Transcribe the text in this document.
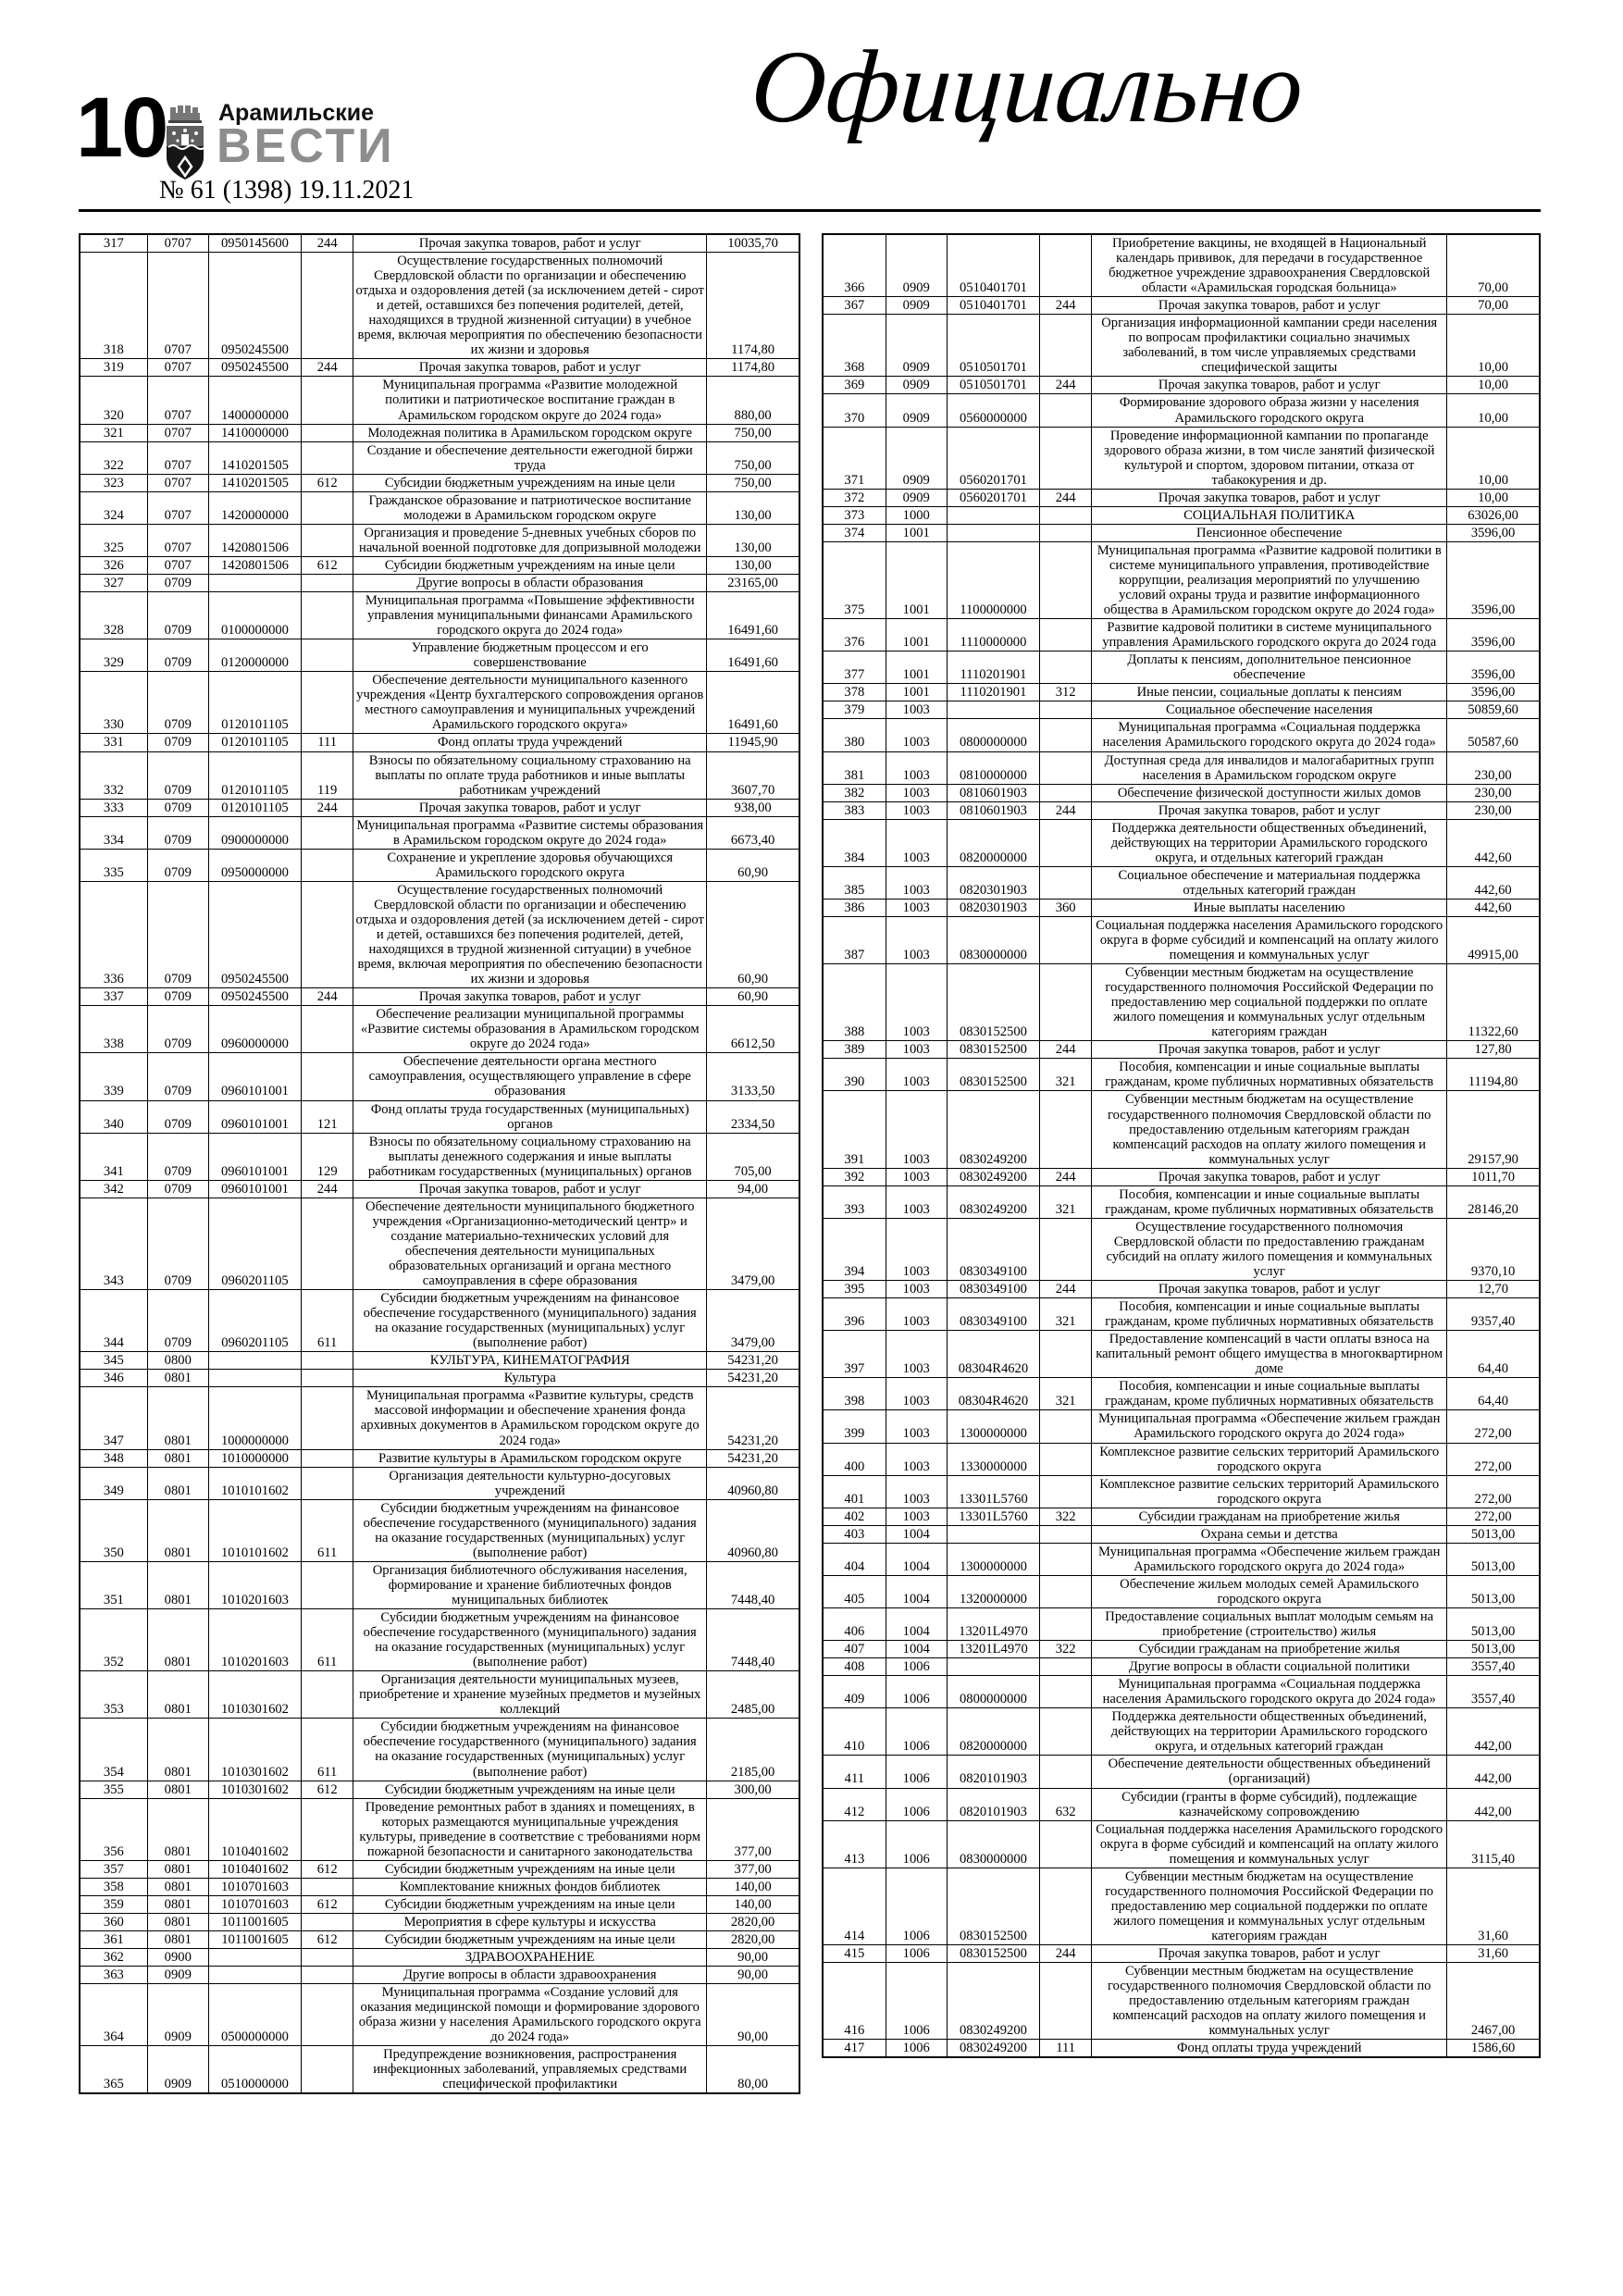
10 Арамильские
ВЕСТИ
№ 61 (1398) 19.11.2021
Официально
317	0707	0950145600	244	Прочая закупка товаров, работ и услуг	10035,70
318	0707	0950245500		Осуществление государственных полномочий Свердловской области по организации и обеспечению отдыха и оздоровления детей (за исключением детей - сирот и детей, оставшихся без попечения родителей, детей, находящихся в трудной жизненной ситуации) в учебное время, включая мероприятия по обеспечению безопасности их жизни и здоровья	1174,80
319	0707	0950245500	244	Прочая закупка товаров, работ и услуг	1174,80
320	0707	1400000000		Муниципальная программа «Развитие молодежной политики и патриотическое воспитание граждан в Арамильском городском округе до 2024 года»	880,00
321	0707	1410000000		Молодежная политика в Арамильском городском округе	750,00
322	0707	1410201505		Создание и обеспечение деятельности ежегодной биржи труда	750,00
323	0707	1410201505	612	Субсидии бюджетным учреждениям на иные цели	750,00
324	0707	1420000000		Гражданское образование и патриотическое воспитание молодежи в Арамильском городском округе	130,00
325	0707	1420801506		Организация и проведение 5-дневных учебных сборов по начальной военной подготовке для допризывной молодежи	130,00
326	0707	1420801506	612	Субсидии бюджетным учреждениям на иные цели	130,00
327	0709			Другие вопросы в области образования	23165,00
328	0709	0100000000		Муниципальная программа «Повышение эффективности управления муниципальными финансами Арамильского городского округа до 2024 года»	16491,60
329	0709	0120000000		Управление бюджетным процессом и его совершенствование	16491,60
330	0709	0120101105		Обеспечение деятельности муниципального казенного учреждения «Центр бухгалтерского сопровождения органов местного самоуправления и муниципальных учреждений Арамильского городского округа»	16491,60
331	0709	0120101105	111	Фонд оплаты труда учреждений	11945,90
332	0709	0120101105	119	Взносы по обязательному социальному страхованию на выплаты по оплате труда работников и иные выплаты работникам учреждений	3607,70
333	0709	0120101105	244	Прочая закупка товаров, работ и услуг	938,00
334	0709	0900000000		Муниципальная программа «Развитие системы образования в Арамильском городском округе до 2024 года»	6673,40
335	0709	0950000000		Сохранение и укрепление здоровья обучающихся Арамильского городского округа	60,90
336	0709	0950245500		Осуществление государственных полномочий Свердловской области по организации и обеспечению отдыха и оздоровления детей (за исключением детей - сирот и детей, оставшихся без попечения родителей, детей, находящихся в трудной жизненной ситуации) в учебное время, включая мероприятия по обеспечению безопасности их жизни и здоровья	60,90
337	0709	0950245500	244	Прочая закупка товаров, работ и услуг	60,90
338	0709	0960000000		Обеспечение реализации муниципальной программы «Развитие системы образования в Арамильском городском округе до 2024 года»	6612,50
339	0709	0960101001		Обеспечение деятельности органа местного самоуправления, осуществляющего управление в сфере образования	3133,50
340	0709	0960101001	121	Фонд оплаты труда государственных (муниципальных) органов	2334,50
341	0709	0960101001	129	Взносы по обязательному социальному страхованию на выплаты денежного содержания и иные выплаты работникам государственных (муниципальных) органов	705,00
342	0709	0960101001	244	Прочая закупка товаров, работ и услуг	94,00
343	0709	0960201105		Обеспечение деятельности муниципального бюджетного учреждения «Организационно-методический центр» и создание материально-технических условий для обеспечения деятельности муниципальных образовательных организаций и органа местного самоуправления в сфере образования	3479,00
344	0709	0960201105	611	Субсидии бюджетным учреждениям на финансовое обеспечение государственного (муниципального) задания на оказание государственных (муниципальных) услуг (выполнение работ)	3479,00
345	0800			КУЛЬТУРА, КИНЕМАТОГРАФИЯ	54231,20
346	0801			Культура	54231,20
347	0801	1000000000		Муниципальная программа «Развитие культуры, средств массовой информации и обеспечение хранения фонда архивных документов в Арамильском городском округе до 2024 года»	54231,20
348	0801	1010000000		Развитие культуры в Арамильском городском округе	54231,20
349	0801	1010101602		Организация деятельности культурно-досуговых учреждений	40960,80
350	0801	1010101602	611	Субсидии бюджетным учреждениям на финансовое обеспечение государственного (муниципального) задания на оказание государственных (муниципальных) услуг (выполнение работ)	40960,80
351	0801	1010201603		Организация библиотечного обслуживания населения, формирование и хранение библиотечных фондов муниципальных библиотек	7448,40
352	0801	1010201603	611	Субсидии бюджетным учреждениям на финансовое обеспечение государственного (муниципального) задания на оказание государственных (муниципальных) услуг (выполнение работ)	7448,40
353	0801	1010301602		Организация деятельности муниципальных музеев, приобретение и хранение музейных предметов и музейных коллекций	2485,00
354	0801	1010301602	611	Субсидии бюджетным учреждениям на финансовое обеспечение государственного (муниципального) задания на оказание государственных (муниципальных) услуг (выполнение работ)	2185,00
355	0801	1010301602	612	Субсидии бюджетным учреждениям на иные цели	300,00
356	0801	1010401602		Проведение ремонтных работ в зданиях и помещениях, в которых размещаются муниципальные учреждения культуры, приведение в соответствие с требованиями норм пожарной безопасности и санитарного законодательства	377,00
357	0801	1010401602	612	Субсидии бюджетным учреждениям на иные цели	377,00
358	0801	1010701603		Комплектование книжных фондов библиотек	140,00
359	0801	1010701603	612	Субсидии бюджетным учреждениям на иные цели	140,00
360	0801	1011001605		Мероприятия в сфере культуры и искусства	2820,00
361	0801	1011001605	612	Субсидии бюджетным учреждениям на иные цели	2820,00
362	0900			ЗДРАВООХРАНЕНИЕ	90,00
363	0909			Другие вопросы в области здравоохранения	90,00
364	0909	0500000000		Муниципальная программа «Создание условий для оказания медицинской помощи и формирование здорового образа жизни у населения Арамильского городского округа до 2024 года»	90,00
365	0909	0510000000		Предупреждение возникновения, распространения инфекционных заболеваний, управляемых средствами специфической профилактики	80,00
366	0909	0510401701		Приобретение вакцины, не входящей в Национальный календарь прививок, для передачи в государственное бюджетное учреждение здравоохранения Свердловской области «Арамильская городская больница»	70,00
367	0909	0510401701	244	Прочая закупка товаров, работ и услуг	70,00
368	0909	0510501701		Организация информационной кампании среди населения по вопросам профилактики социально значимых заболеваний, в том числе управляемых средствами специфической защиты	10,00
369	0909	0510501701	244	Прочая закупка товаров, работ и услуг	10,00
370	0909	0560000000		Формирование здорового образа жизни у населения Арамильского городского округа	10,00
371	0909	0560201701		Проведение информационной кампании по пропаганде здорового образа жизни, в том числе занятий физической культурой и спортом, здоровом питании, отказа от табакокурения и др.	10,00
372	0909	0560201701	244	Прочая закупка товаров, работ и услуг	10,00
373	1000			СОЦИАЛЬНАЯ ПОЛИТИКА	63026,00
374	1001			Пенсионное обеспечение	3596,00
375	1001	1100000000		Муниципальная программа «Развитие кадровой политики в системе муниципального управления, противодействие коррупции, реализация мероприятий по улучшению условий охраны труда и развитие информационного общества в Арамильском городском округе до 2024 года»	3596,00
376	1001	1110000000		Развитие кадровой политики в системе муниципального управления Арамильского городского округа до 2024 года	3596,00
377	1001	1110201901		Доплаты к пенсиям, дополнительное пенсионное обеспечение	3596,00
378	1001	1110201901	312	Иные пенсии, социальные доплаты к пенсиям	3596,00
379	1003			Социальное обеспечение населения	50859,60
380	1003	0800000000		Муниципальная программа «Социальная поддержка населения Арамильского городского округа до 2024 года»	50587,60
381	1003	0810000000		Доступная среда для инвалидов и малогабаритных групп населения в Арамильском городском округе	230,00
382	1003	0810601903		Обеспечение физической доступности жилых домов	230,00
383	1003	0810601903	244	Прочая закупка товаров, работ и услуг	230,00
384	1003	0820000000		Поддержка деятельности общественных объединений, действующих на территории Арамильского городского округа, и отдельных категорий граждан	442,60
385	1003	0820301903		Социальное обеспечение и материальная поддержка отдельных категорий граждан	442,60
386	1003	0820301903	360	Иные выплаты населению	442,60
387	1003	0830000000		Социальная поддержка населения Арамильского городского округа в форме субсидий и компенсаций на оплату жилого помещения и коммунальных услуг	49915,00
388	1003	0830152500		Субвенции местным бюджетам на осуществление государственного полномочия Российской Федерации по предоставлению мер социальной поддержки по оплате жилого помещения и коммунальных услуг отдельным категориям граждан	11322,60
389	1003	0830152500	244	Прочая закупка товаров, работ и услуг	127,80
390	1003	0830152500	321	Пособия, компенсации и иные социальные выплаты гражданам, кроме публичных нормативных обязательств	11194,80
391	1003	0830249200		Субвенции местным бюджетам на осуществление государственного полномочия Свердловской области по предоставлению отдельным категориям граждан компенсаций расходов на оплату жилого помещения и коммунальных услуг	29157,90
392	1003	0830249200	244	Прочая закупка товаров, работ и услуг	1011,70
393	1003	0830249200	321	Пособия, компенсации и иные социальные выплаты гражданам, кроме публичных нормативных обязательств	28146,20
394	1003	0830349100		Осуществление государственного полномочия Свердловской области по предоставлению гражданам субсидий на оплату жилого помещения и коммунальных услуг	9370,10
395	1003	0830349100	244	Прочая закупка товаров, работ и услуг	12,70
396	1003	0830349100	321	Пособия, компенсации и иные социальные выплаты гражданам, кроме публичных нормативных обязательств	9357,40
397	1003	08304R4620		Предоставление компенсаций в части оплаты взноса на капитальный ремонт общего имущества в многоквартирном доме	64,40
398	1003	08304R4620	321	Пособия, компенсации и иные социальные выплаты гражданам, кроме публичных нормативных обязательств	64,40
399	1003	1300000000		Муниципальная программа «Обеспечение жильем граждан Арамильского городского округа до 2024 года»	272,00
400	1003	1330000000		Комплексное развитие сельских территорий Арамильского городского округа	272,00
401	1003	13301L5760		Комплексное развитие сельских территорий Арамильского городского округа	272,00
402	1003	13301L5760	322	Субсидии гражданам на приобретение жилья	272,00
403	1004			Охрана семьи и детства	5013,00
404	1004	1300000000		Муниципальная программа «Обеспечение жильем граждан Арамильского городского округа до 2024 года»	5013,00
405	1004	1320000000		Обеспечение жильем молодых семей Арамильского городского округа	5013,00
406	1004	13201L4970		Предоставление социальных выплат молодым семьям на приобретение (строительство) жилья	5013,00
407	1004	13201L4970	322	Субсидии гражданам на приобретение жилья	5013,00
408	1006			Другие вопросы в области социальной политики	3557,40
409	1006	0800000000		Муниципальная программа «Социальная поддержка населения Арамильского городского округа до 2024 года»	3557,40
410	1006	0820000000		Поддержка деятельности общественных объединений, действующих на территории Арамильского городского округа, и отдельных категорий граждан	442,00
411	1006	0820101903		Обеспечение деятельности общественных объединений (организаций)	442,00
412	1006	0820101903	632	Субсидии (гранты в форме субсидий), подлежащие казначейскому сопровождению	442,00
413	1006	0830000000		Социальная поддержка населения Арамильского городского округа в форме субсидий и компенсаций на оплату жилого помещения и коммунальных услуг	3115,40
414	1006	0830152500		Субвенции местным бюджетам на осуществление государственного полномочия Российской Федерации по предоставлению мер социальной поддержки по оплате жилого помещения и коммунальных услуг отдельным категориям граждан	31,60
415	1006	0830152500	244	Прочая закупка товаров, работ и услуг	31,60
416	1006	0830249200		Субвенции местным бюджетам на осуществление государственного полномочия Свердловской области по предоставлению отдельным категориям граждан компенсаций расходов на оплату жилого помещения и коммунальных услуг	2467,00
417	1006	0830249200	111	Фонд оплаты труда учреждений	1586,60
